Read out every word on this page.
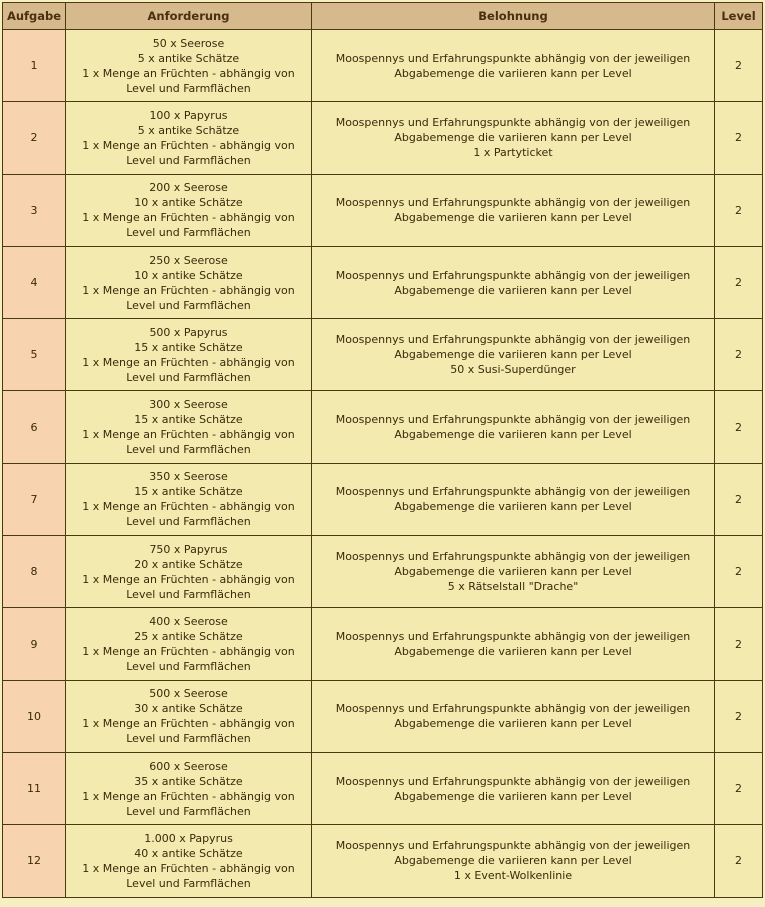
Aufgabe	Anforderung	Belohnung	Level
1	50 x Seerose
5 x antike Schätze
1 x Menge an Früchten - abhängig von
Level und Farmflächen	Moospennys und Erfahrungspunkte abhängig von der jeweiligen
Abgabemenge die variieren kann per Level	2
2	100 x Papyrus
5 x antike Schätze
1 x Menge an Früchten - abhängig von
Level und Farmflächen	Moospennys und Erfahrungspunkte abhängig von der jeweiligen
Abgabemenge die variieren kann per Level
1 x Partyticket	2
3	200 x Seerose
10 x antike Schätze
1 x Menge an Früchten - abhängig von
Level und Farmflächen	Moospennys und Erfahrungspunkte abhängig von der jeweiligen
Abgabemenge die variieren kann per Level	2
4	250 x Seerose
10 x antike Schätze
1 x Menge an Früchten - abhängig von
Level und Farmflächen	Moospennys und Erfahrungspunkte abhängig von der jeweiligen
Abgabemenge die variieren kann per Level	2
5	500 x Papyrus
15 x antike Schätze
1 x Menge an Früchten - abhängig von
Level und Farmflächen	Moospennys und Erfahrungspunkte abhängig von der jeweiligen
Abgabemenge die variieren kann per Level
50 x Susi-Superdünger	2
6	300 x Seerose
15 x antike Schätze
1 x Menge an Früchten - abhängig von
Level und Farmflächen	Moospennys und Erfahrungspunkte abhängig von der jeweiligen
Abgabemenge die variieren kann per Level	2
7	350 x Seerose
15 x antike Schätze
1 x Menge an Früchten - abhängig von
Level und Farmflächen	Moospennys und Erfahrungspunkte abhängig von der jeweiligen
Abgabemenge die variieren kann per Level	2
8	750 x Papyrus
20 x antike Schätze
1 x Menge an Früchten - abhängig von
Level und Farmflächen	Moospennys und Erfahrungspunkte abhängig von der jeweiligen
Abgabemenge die variieren kann per Level
5 x Rätselstall "Drache"	2
9	400 x Seerose
25 x antike Schätze
1 x Menge an Früchten - abhängig von
Level und Farmflächen	Moospennys und Erfahrungspunkte abhängig von der jeweiligen
Abgabemenge die variieren kann per Level	2
10	500 x Seerose
30 x antike Schätze
1 x Menge an Früchten - abhängig von
Level und Farmflächen	Moospennys und Erfahrungspunkte abhängig von der jeweiligen
Abgabemenge die variieren kann per Level	2
11	600 x Seerose
35 x antike Schätze
1 x Menge an Früchten - abhängig von
Level und Farmflächen	Moospennys und Erfahrungspunkte abhängig von der jeweiligen
Abgabemenge die variieren kann per Level	2
12	1.000 x Papyrus
40 x antike Schätze
1 x Menge an Früchten - abhängig von
Level und Farmflächen	Moospennys und Erfahrungspunkte abhängig von der jeweiligen
Abgabemenge die variieren kann per Level
1 x Event-Wolkenlinie	2
